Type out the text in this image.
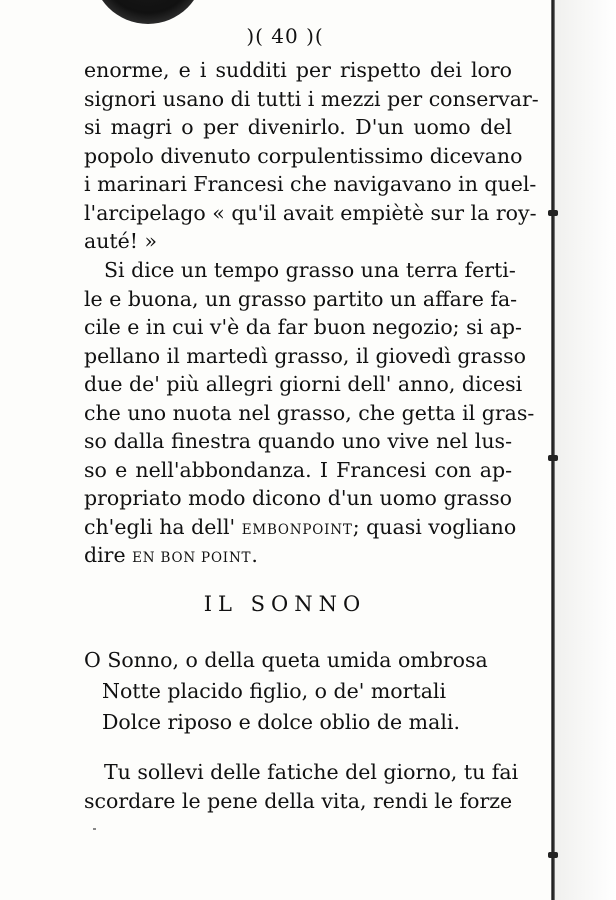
)( 40 )(
enorme, e i sudditi per rispetto dei loro
signori usano di tutti i mezzi per conservar-
si magri o per divenirlo. D'un uomo del
popolo divenuto corpulentissimo dicevano
i marinari Francesi che navigavano in quel-
l'arcipelago « qu'il avait empiètè sur la roy-
auté! »
Si dice un tempo grasso una terra ferti-
le e buona, un grasso partito un affare fa-
cile e in cui v'è da far buon negozio; si ap-
pellano il martedì grasso, il giovedì grasso
due de' più allegri giorni dell' anno, dicesi
che uno nuota nel grasso, che getta il gras-
so dalla finestra quando uno vive nel lus-
so e nell'abbondanza. I Francesi con ap-
propriato modo dicono d'un uomo grasso
ch'egli ha dell' EMBONPOINT; quasi vogliano
dire EN BON POINT.
IL SONNO
O Sonno, o della queta umida ombrosa
Notte placido figlio, o de' mortali
Dolce riposo e dolce oblio de mali.
Tu sollevi delle fatiche del giorno, tu fai
scordare le pene della vita, rendi le forze
